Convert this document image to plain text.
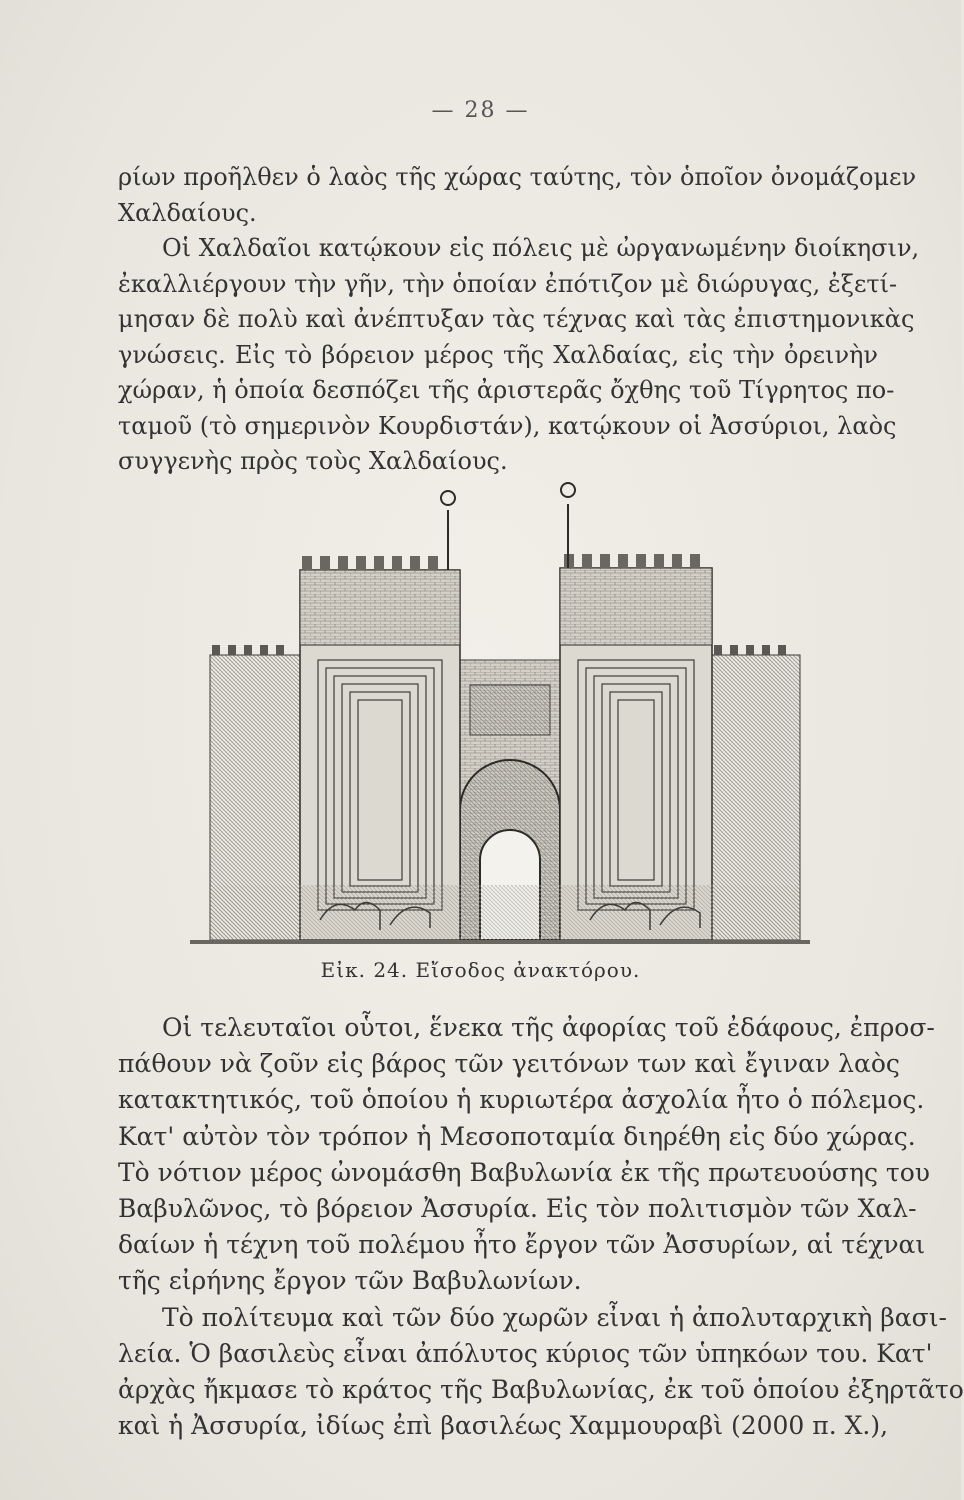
— 28 —
ρίων προῆλθεν ὁ λαὸς τῆς χώρας ταύτης, τὸν ὁποῖον ὀνομάζομεν
Χαλδαίους.
Οἱ Χαλδαῖοι κατῴκουν εἰς πόλεις μὲ ὠργανωμένην διοίκησιν,
ἐκαλλιέργουν τὴν γῆν, τὴν ὁποίαν ἐπότιζον μὲ διώρυγας, ἐξετί-
μησαν δὲ πολὺ καὶ ἀνέπτυξαν τὰς τέχνας καὶ τὰς ἐπιστημονικὰς
γνώσεις. Εἰς τὸ βόρειον μέρος τῆς Χαλδαίας, εἰς τὴν ὀρεινὴν
χώραν, ἡ ὁποία δεσπόζει τῆς ἀριστερᾶς ὄχθης τοῦ Τίγρητος πο-
ταμοῦ (τὸ σημερινὸν Κουρδιστάν), κατῴκουν οἱ Ἀσσύριοι, λαὸς
συγγενὴς πρὸς τοὺς Χαλδαίους.
Εἰκ. 24. Εἴσοδος ἀνακτόρου.
Οἱ τελευταῖοι οὗτοι, ἕνεκα τῆς ἀφορίας τοῦ ἐδάφους, ἐπροσ-
πάθουν νὰ ζοῦν εἰς βάρος τῶν γειτόνων των καὶ ἔγιναν λαὸς
κατακτητικός, τοῦ ὁποίου ἡ κυριωτέρα ἀσχολία ἦτο ὁ πόλεμος.
Κατ' αὐτὸν τὸν τρόπον ἡ Μεσοποταμία διηρέθη εἰς δύο χώρας.
Τὸ νότιον μέρος ὠνομάσθη Βαβυλωνία ἐκ τῆς πρωτευούσης του
Βαβυλῶνος, τὸ βόρειον Ἀσσυρία. Εἰς τὸν πολιτισμὸν τῶν Χαλ-
δαίων ἡ τέχνη τοῦ πολέμου ἦτο ἔργον τῶν Ἀσσυρίων, αἱ τέχναι
τῆς εἰρήνης ἔργον τῶν Βαβυλωνίων.
Τὸ πολίτευμα καὶ τῶν δύο χωρῶν εἶναι ἡ ἀπολυταρχικὴ βασι-
λεία. Ὁ βασιλεὺς εἶναι ἀπόλυτος κύριος τῶν ὑπηκόων του. Κατ'
ἀρχὰς ἤκμασε τὸ κράτος τῆς Βαβυλωνίας, ἐκ τοῦ ὁποίου ἐξηρτᾶτο
καὶ ἡ Ἀσσυρία, ἰδίως ἐπὶ βασιλέως Χαμμουραβὶ (2000 π. Χ.),
